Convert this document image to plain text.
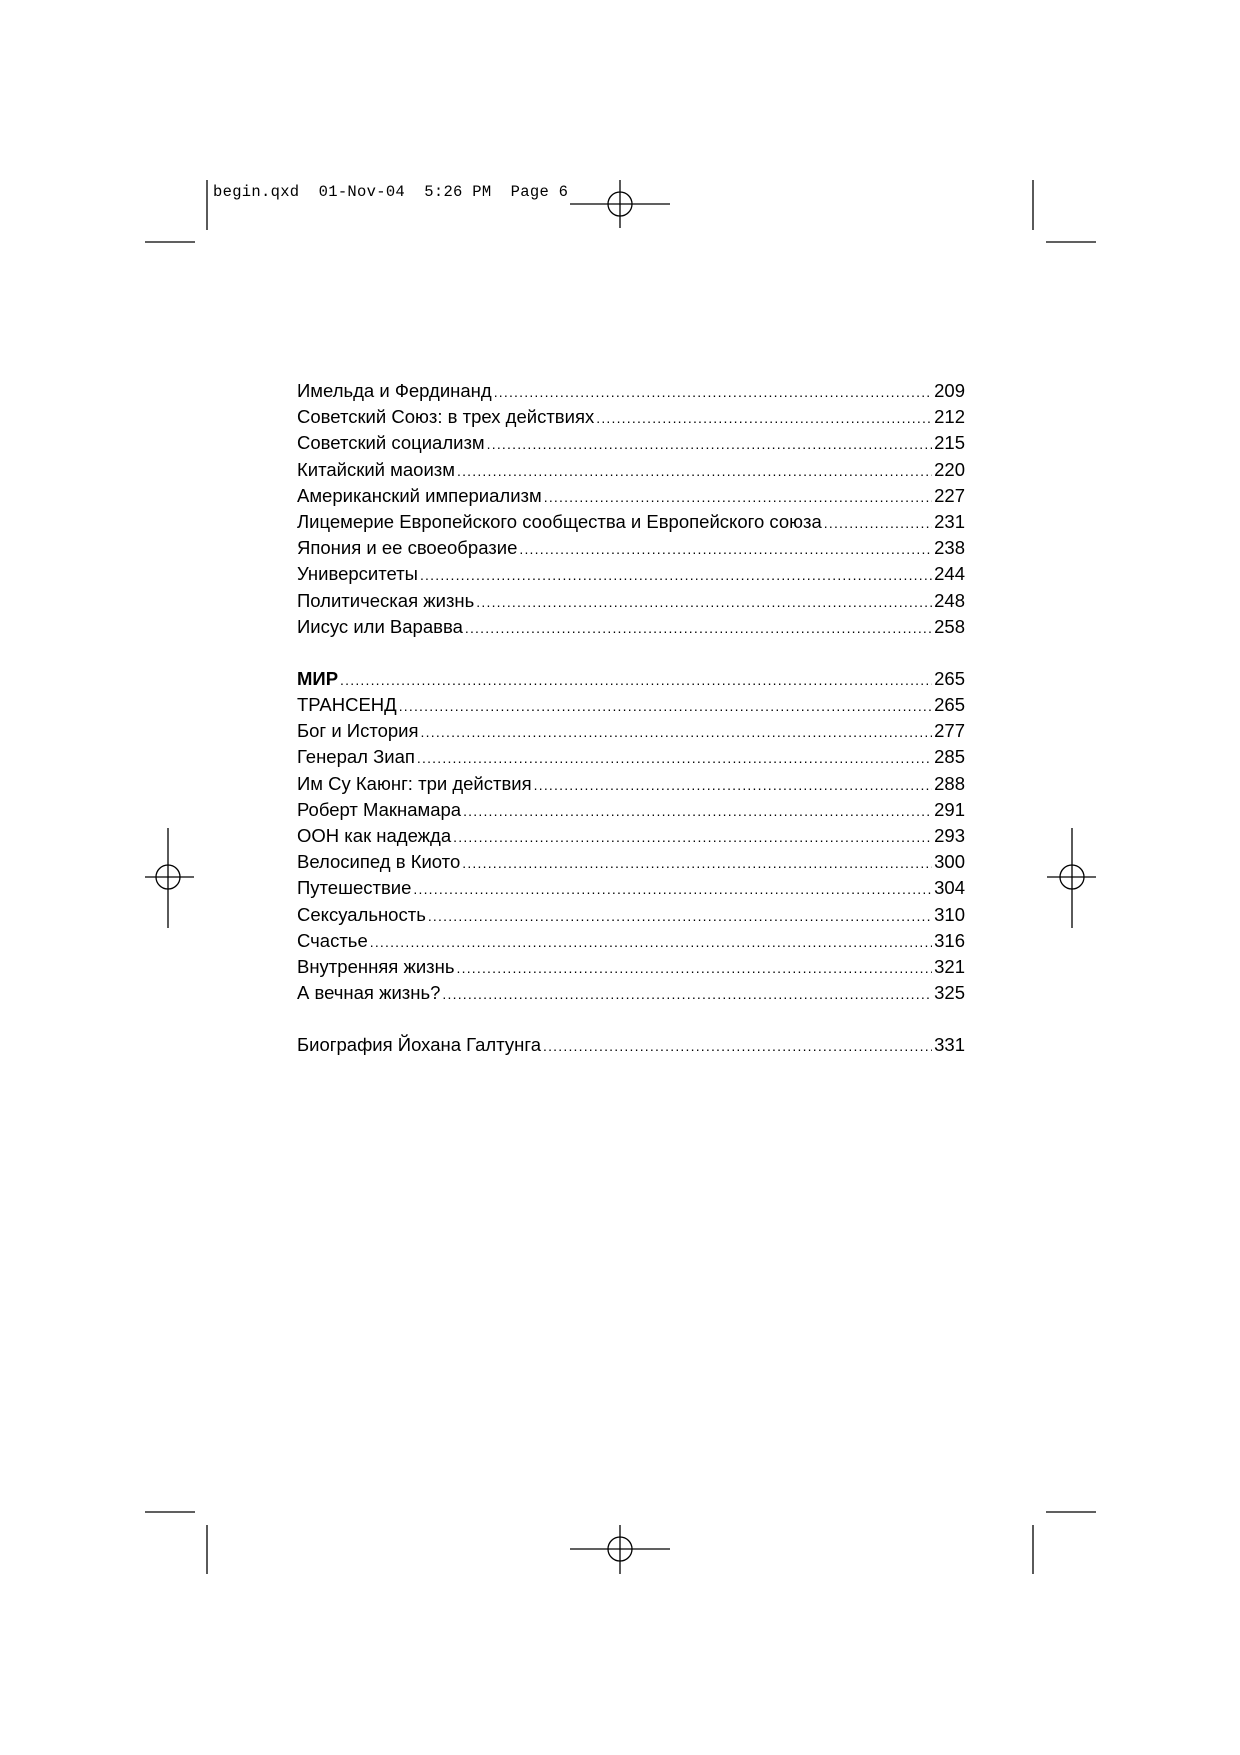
begin.qxd 01-Nov-04 5:26 PM Page 6
Имельда и Фердинанд .....	209
Советский Союз: в трех действиях .....	212
Советский социализм .....	215
Китайский маоизм .....	220
Американский империализм .....	227
Лицемерие Европейского сообщества и Европейского союза .....	231
Япония и ее своеобразие .....	238
Университеты .....	244
Политическая жизнь .....	248
Иисус или Варавва .....	258
МИР .....	265
ТРАНСЕНД .....	265
Бог и История .....	277
Генерал Зиап .....	285
Им Су Каюнг: три действия .....	288
Роберт Макнамара .....	291
ООН как надежда .....	293
Велосипед в Киото .....	300
Путешествие .....	304
Сексуальность .....	310
Счастье .....	316
Внутренняя жизнь .....	321
А вечная жизнь? .....	325
Биография Йохана Галтунга .....	331
